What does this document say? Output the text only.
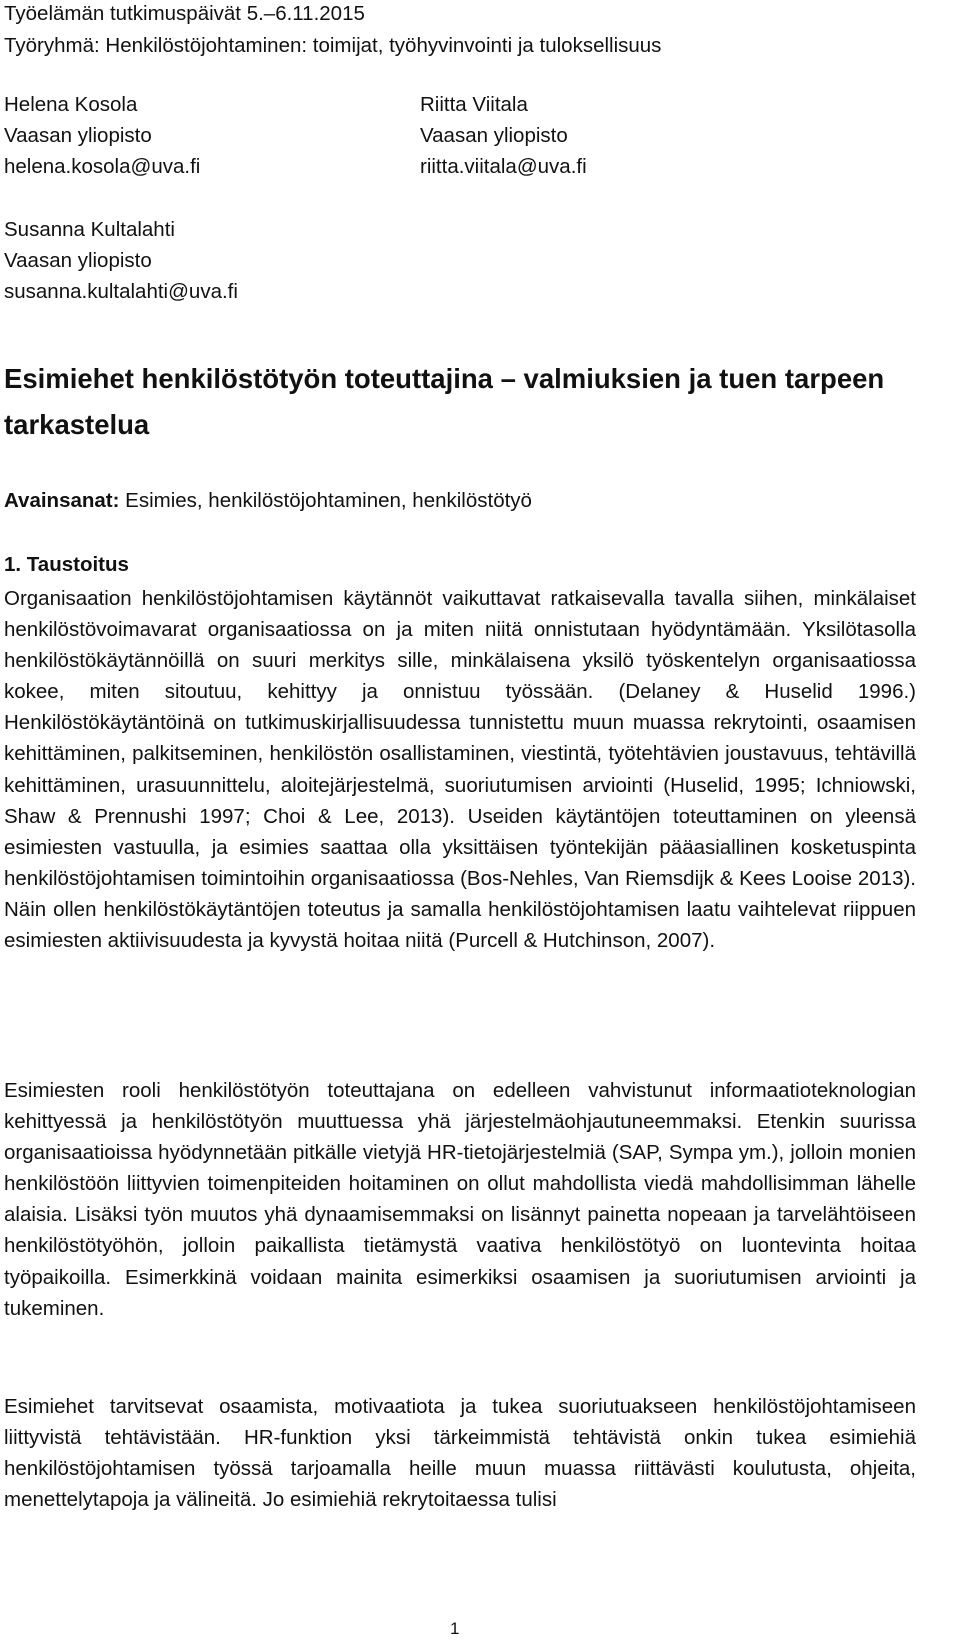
Työelämän tutkimuspäivät 5.–6.11.2015
Työryhmä: Henkilöstöjohtaminen: toimijat, työhyvinvointi ja tuloksellisuus
Helena Kosola
Vaasan yliopisto
helena.kosola@uva.fi
Riitta Viitala
Vaasan yliopisto
riitta.viitala@uva.fi
Susanna Kultalahti
Vaasan yliopisto
susanna.kultalahti@uva.fi
Esimiehet henkilöstötyön toteuttajina – valmiuksien ja tuen tarpeen tarkastelua
Avainsanat: Esimies, henkilöstöjohtaminen, henkilöstötyö
1. Taustoitus

Organisaation henkilöstöjohtamisen käytännöt vaikuttavat ratkaisevalla tavalla siihen, minkälaiset henkilöstövoimavarat organisaatiossa on ja miten niitä onnistutaan hyödyntämään. Yksilötasolla henkilöstökäytännöillä on suuri merkitys sille, minkälaisena yksilö työskentelyn organisaatiossa kokee, miten sitoutuu, kehittyy ja onnistuu työssään. (Delaney & Huselid 1996.) Henkilöstökäytäntöinä on tutkimuskirjallisuudessa tunnistettu muun muassa rekrytointi, osaamisen kehittäminen, palkitseminen, henkilöstön osallistaminen, viestintä, työtehtävien joustavuus, tehtävillä kehittäminen, urasuunnittelu, aloitejärjestelmä, suoriutumisen arviointi (Huselid, 1995; Ichniowski, Shaw & Prennushi 1997; Choi & Lee, 2013). Useiden käytäntöjen toteuttaminen on yleensä esimiesten vastuulla, ja esimies saattaa olla yksittäisen työntekijän pääasiallinen kosketuspinta henkilöstöjohtamisen toimintoihin organisaatiossa (Bos-Nehles, Van Riemsdijk & Kees Looise 2013). Näin ollen henkilöstökäytäntöjen toteutus ja samalla henkilöstöjohtamisen laatu vaihtelevat riippuen esimiesten aktiivisuudesta ja kyvystä hoitaa niitä (Purcell & Hutchinson, 2007).

Esimiesten rooli henkilöstötyön toteuttajana on edelleen vahvistunut informaatioteknologian kehittyessä ja henkilöstötyön muuttuessa yhä järjestelmäohjautuneemmaksi. Etenkin suurissa organisaatioissa hyödynnetään pitkälle vietyjä HR-tietojärjestelmiä (SAP, Sympa ym.), jolloin monien henkilöstöön liittyvien toimenpiteiden hoitaminen on ollut mahdollista viedä mahdollisimman lähelle alaisia. Lisäksi työn muutos yhä dynaamisemmaksi on lisännyt painetta nopeaan ja tarvelähtöiseen henkilöstötyöhön, jolloin paikallista tietämystä vaativa henkilöstötyö on luontevinta hoitaa työpaikoilla. Esimerkkinä voidaan mainita esimerkiksi osaamisen ja suoriutumisen arviointi ja tukeminen.

Esimiehet tarvitsevat osaamista, motivaatiota ja tukea suoriutuakseen henkilöstöjohtamiseen liittyvistä tehtävistään. HR-funktion yksi tärkeimmistä tehtävistä onkin tukea esimiehiä henkilöstöjohtamisen työssä tarjoamalla heille muun muassa riittävästi koulutusta, ohjeita, menettelytapoja ja välineitä. Jo esimiehiä rekrytoitaessa tulisi

1
